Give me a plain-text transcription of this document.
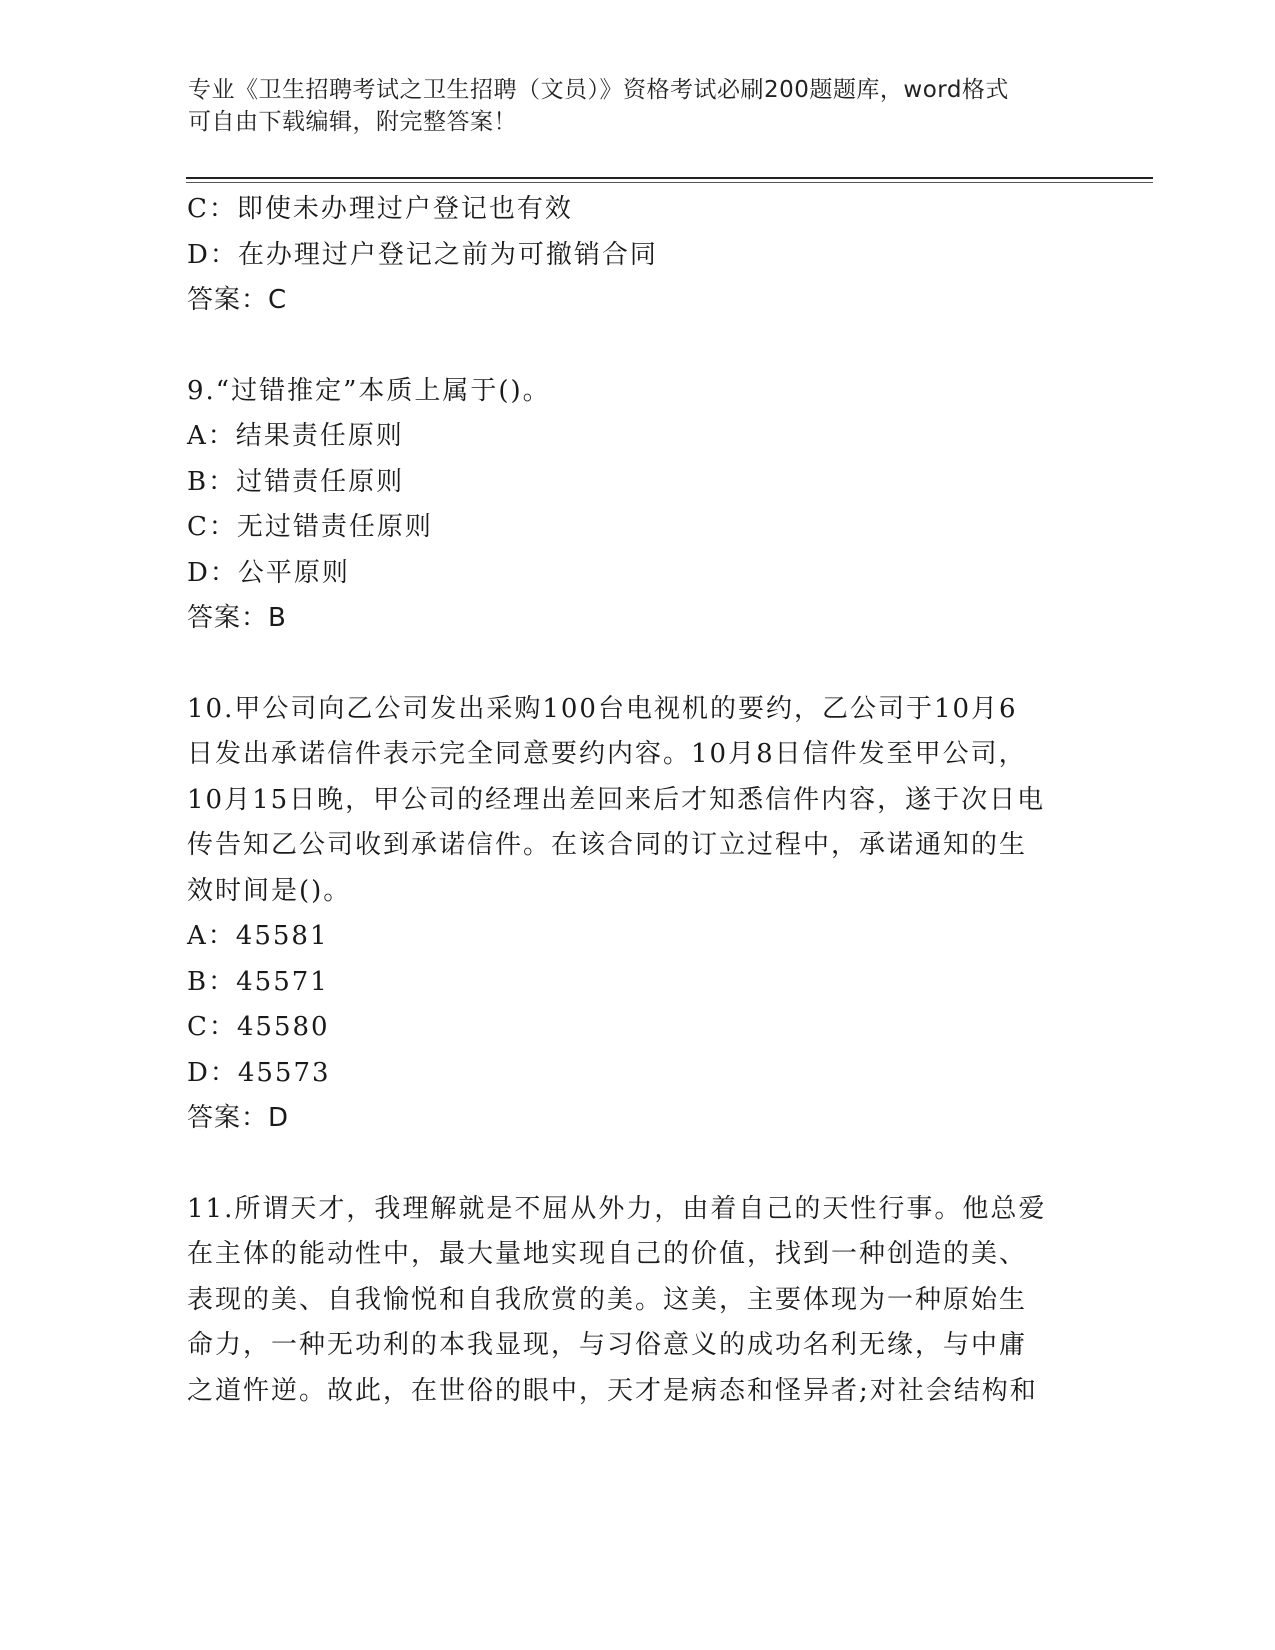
专业《卫生招聘考试之卫生招聘（文员）》资格考试必刷200题题库，word格式
可自由下载编辑，附完整答案！
C：即使未办理过户登记也有效
D：在办理过户登记之前为可撤销合同
答案：C
9.“过错推定”本质上属于()。
A：结果责任原则
B：过错责任原则
C：无过错责任原则
D：公平原则
答案：B
10.甲公司向乙公司发出采购100台电视机的要约，乙公司于10月6
日发出承诺信件表示完全同意要约内容。10月8日信件发至甲公司，
10月15日晚，甲公司的经理出差回来后才知悉信件内容，遂于次日电
传告知乙公司收到承诺信件。在该合同的订立过程中，承诺通知的生
效时间是()。
A：45581
B：45571
C：45580
D：45573
答案：D
11.所谓天才，我理解就是不屈从外力，由着自己的天性行事。他总爱
在主体的能动性中，最大量地实现自己的价值，找到一种创造的美、
表现的美、自我愉悦和自我欣赏的美。这美，主要体现为一种原始生
命力，一种无功利的本我显现，与习俗意义的成功名利无缘，与中庸
之道忤逆。故此，在世俗的眼中，天才是病态和怪异者;对社会结构和
